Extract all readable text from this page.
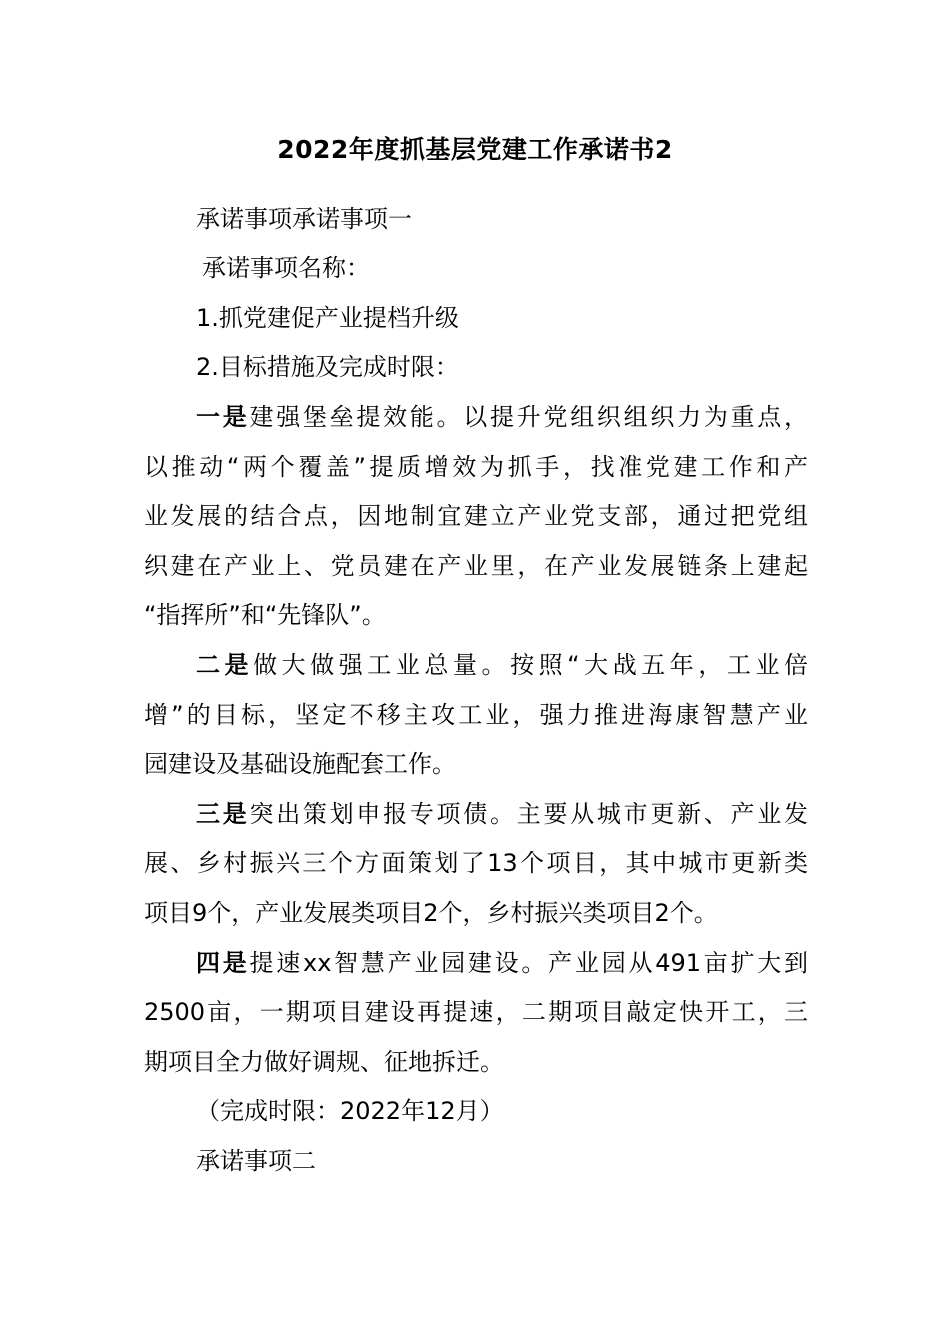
2022年度抓基层党建工作承诺书2
承诺事项承诺事项一
承诺事项名称：
1.抓党建促产业提档升级
2.目标措施及完成时限：
一是建强堡垒提效能。以提升党组织组织力为重点，
以推动“两个覆盖”提质增效为抓手，找准党建工作和产
业发展的结合点，因地制宜建立产业党支部，通过把党组
织建在产业上、党员建在产业里，在产业发展链条上建起
“指挥所”和“先锋队”。
二是做大做强工业总量。按照“大战五年，工业倍
增”的目标，坚定不移主攻工业，强力推进海康智慧产业
园建设及基础设施配套工作。
三是突出策划申报专项债。主要从城市更新、产业发
展、乡村振兴三个方面策划了13个项目，其中城市更新类
项目9个，产业发展类项目2个，乡村振兴类项目2个。
四是提速xx智慧产业园建设。产业园从491亩扩大到
2500亩，一期项目建设再提速，二期项目敲定快开工，三
期项目全力做好调规、征地拆迁。
（完成时限：2022年12月）
承诺事项二
